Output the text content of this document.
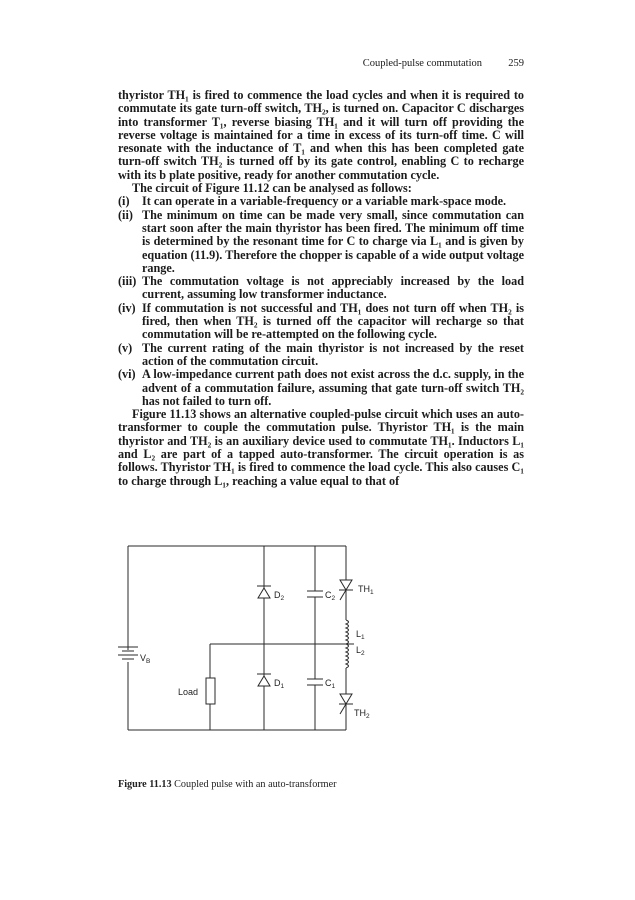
Coupled-pulse commutation	259

thyristor TH₁ is fired to commence the load cycles and when it is required to commutate its gate turn-off switch, TH₂, is turned on. Capacitor C discharges into transformer T₁, reverse biasing TH₁ and it will turn off providing the reverse voltage is maintained for a time in excess of its turn-off time. C will resonate with the inductance of T₁ and when this has been completed gate turn-off switch TH₂ is turned off by its gate control, enabling C to recharge with its b plate positive, ready for another commutation cycle.

The circuit of Figure 11.12 can be analysed as follows:

(i) It can operate in a variable-frequency or a variable mark-space mode.
(ii) The minimum on time can be made very small, since commutation can start soon after the main thyristor has been fired. The minimum off time is determined by the resonant time for C to charge via L₁ and is given by equation (11.9). Therefore the chopper is capable of a wide output voltage range.
(iii) The commutation voltage is not appreciably increased by the load current, assuming low transformer inductance.
(iv) If commutation is not successful and TH₁ does not turn off when TH₂ is fired, then when TH₂ is turned off the capacitor will recharge so that commutation will be re-attempted on the following cycle.
(v) The current rating of the main thyristor is not increased by the reset action of the commutation circuit.
(vi) A low-impedance current path does not exist across the d.c. supply, in the advent of a commutation failure, assuming that gate turn-off switch TH₂ has not failed to turn off.

Figure 11.13 shows an alternative coupled-pulse circuit which uses an auto-transformer to couple the commutation pulse. Thyristor TH₁ is the main thyristor and TH₂ is an auxiliary device used to commutate TH₁. Inductors L₁ and L₂ are part of a tapped auto-transformer. The circuit operation is as follows. Thyristor TH₁ is fired to commence the load cycle. This also causes C₁ to charge through L₁, reaching a value equal to that of

$V_B$
$D_2$
$D_1$
$C_2$
$C_1$
$TH_1$
$TH_2$
$L_1$
$L_2$
Load
Figure 11.13 Coupled pulse with an auto-transformer
